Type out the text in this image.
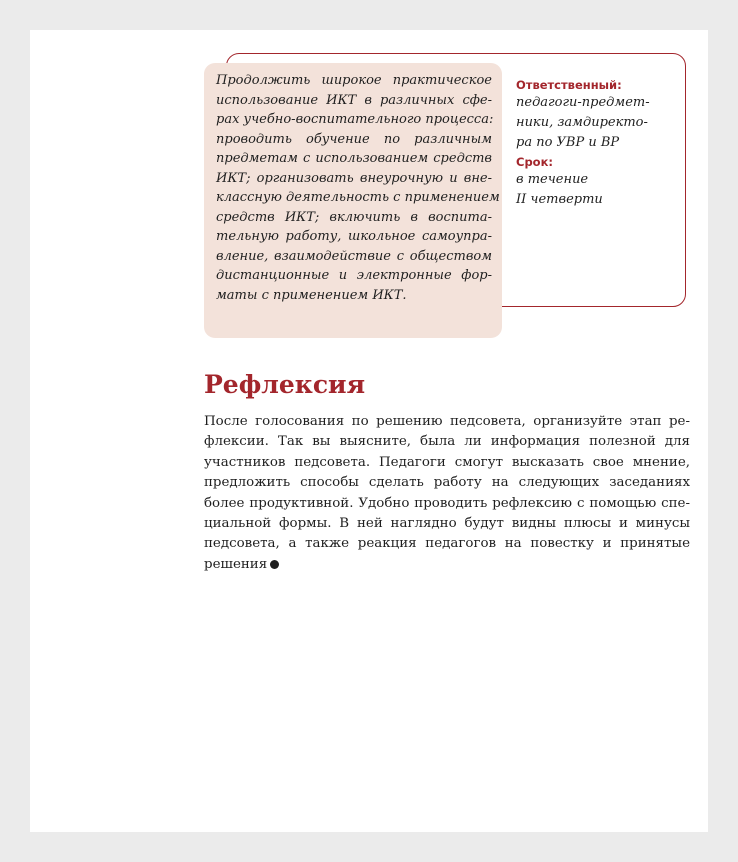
Продолжить широкое практическое
использование ИКТ в различных сфе-
рах учебно-воспитательного процесса:
проводить обучение по различным
предметам с использованием средств
ИКТ; организовать внеурочную и вне-
классную деятельность с применением
средств ИКТ; включить в воспита-
тельную работу, школьное самоупра-
вление, взаимодействие с обществом
дистанционные и электронные фор-
маты с применением ИКТ.

Ответственный:

педагоги-предмет-
ники, замдиректо-
ра по УВР и ВР

Срок:

в течение
II четверти

Рефлексия

После голосования по решению педсовета, организуйте этап ре-
флексии. Так вы выясните, была ли информация полезной для
участников педсовета. Педагоги смогут высказать свое мнение,
предложить способы сделать работу на следующих заседаниях
более продуктивной. Удобно проводить рефлексию с помощью спе-
циальной формы. В ней наглядно будут видны плюсы и минусы
педсовета, а также реакция педагогов на повестку и принятые
решения
